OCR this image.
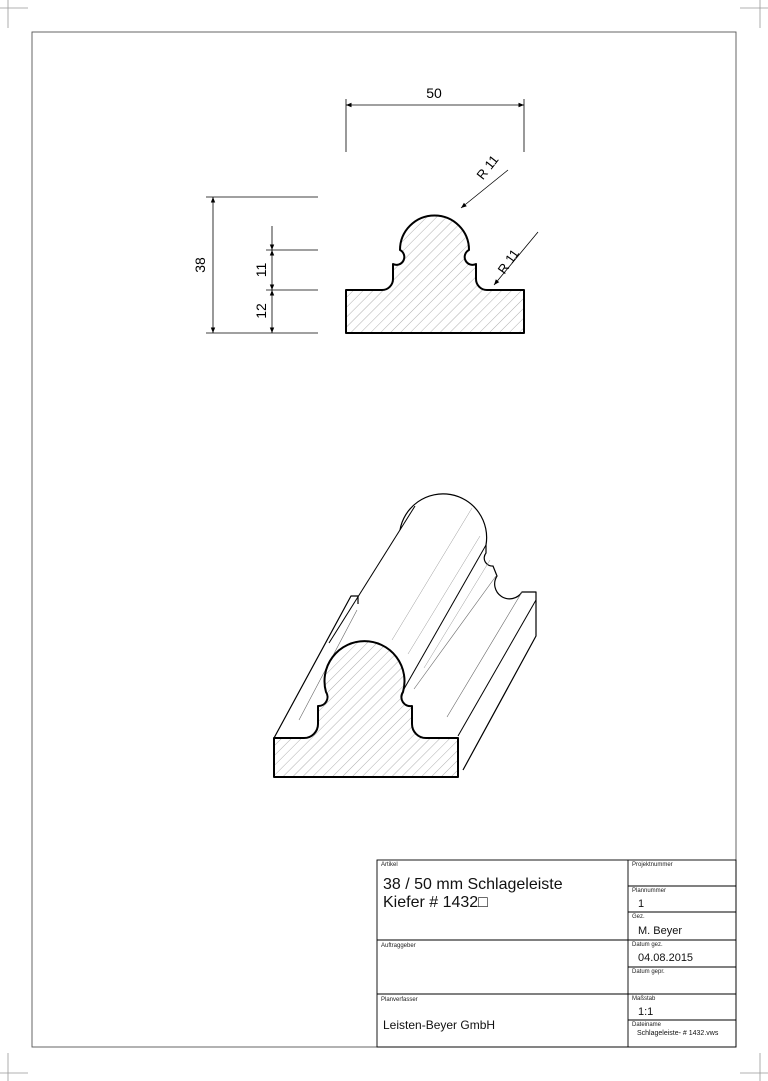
50
38	11
12
R 11
R 11
Artikel
38 / 50 mm Schlageleiste
Kiefer # 1432□
Projektnummer
Plannummer
1
Gez.
M. Beyer
Auftraggeber	Datum gez.
04.08.2015
Datum gepr.
Planverfasser
Leisten-Beyer GmbH
Maßstab
1:1
Dateiname
Schlageleiste- # 1432.vws
